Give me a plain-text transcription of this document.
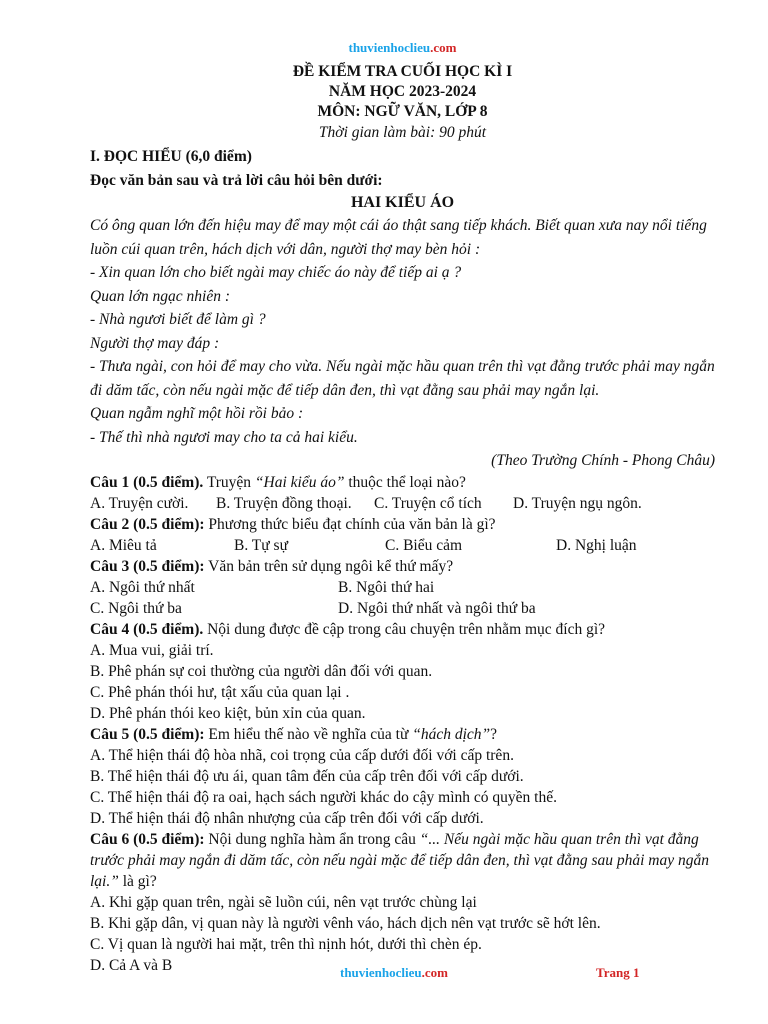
thuvienhoclieu.com
ĐỀ KIỂM TRA CUỐI HỌC KÌ I
NĂM HỌC 2023-2024
MÔN: NGỮ VĂN, LỚP 8
Thời gian làm bài: 90 phút
I. ĐỌC HIỂU (6,0 điểm)
Đọc văn bản sau và trả lời câu hỏi bên dưới:
HAI KIỂU ÁO
Có ông quan lớn đến hiệu may để may một cái áo thật sang tiếp khách. Biết quan xưa nay nổi tiếng luồn cúi quan trên, hách dịch với dân, người thợ may bèn hỏi :
- Xin quan lớn cho biết ngài may chiếc áo này để tiếp ai ạ ?
Quan lớn ngạc nhiên :
- Nhà ngươi biết để làm gì ?
Người thợ may đáp :
- Thưa ngài, con hỏi để may cho vừa. Nếu ngài mặc hầu quan trên thì vạt đằng trước phải may ngắn đi dăm tấc, còn nếu ngài mặc để tiếp dân đen, thì vạt đằng sau phải may ngắn lại.
Quan ngẫm nghĩ một hồi rồi bảo :
- Thế thì nhà ngươi may cho ta cả hai kiểu.
(Theo Trường Chính - Phong Châu)
Câu 1 (0.5 điểm). Truyện “Hai kiểu áo” thuộc thể loại nào?
A. Truyện cười.	B. Truyện đồng thoại.	C. Truyện cổ tích	D. Truyện ngụ ngôn.
Câu 2 (0.5 điểm): Phương thức biểu đạt chính của văn bản là gì?
A. Miêu tả	B. Tự sự	C. Biểu cảm	D. Nghị luận
Câu 3 (0.5 điểm): Văn bản trên sử dụng ngôi kể thứ mấy?
A. Ngôi thứ nhất	B. Ngôi thứ hai
C. Ngôi thứ ba	D. Ngôi thứ nhất và ngôi thứ ba
Câu 4 (0.5 điểm). Nội dung được đề cập trong câu chuyện trên nhằm mục đích gì?
A. Mua vui, giải trí.
B. Phê phán sự coi thường của người dân đối với quan.
C. Phê phán thói hư, tật xấu của quan lại .
D. Phê phán thói keo kiệt, bủn xỉn của quan.
Câu 5 (0.5 điểm): Em hiểu thế nào về nghĩa của từ “hách dịch”?
A. Thể hiện thái độ hòa nhã, coi trọng của cấp dưới đối với cấp trên.
B. Thể hiện thái độ ưu ái, quan tâm đến của cấp trên đối với cấp dưới.
C. Thể hiện thái độ ra oai, hạch sách người khác do cậy mình có quyền thế.
D. Thể hiện thái độ nhân nhượng của cấp trên đối với cấp dưới.
Câu 6 (0.5 điểm): Nội dung nghĩa hàm ẩn trong câu “... Nếu ngài mặc hầu quan trên thì vạt đằng trước phải may ngắn đi dăm tấc, còn nếu ngài mặc để tiếp dân đen, thì vạt đằng sau phải may ngắn lại.” là gì?
A. Khi gặp quan trên, ngài sẽ luồn cúi, nên vạt trước chùng lại
B. Khi gặp dân, vị quan này là người vênh váo, hách dịch nên vạt trước sẽ hớt lên.
C. Vị quan là người hai mặt, trên thì nịnh hót, dưới thì chèn ép.
D. Cả A và B	thuvienhoclieu.com	Trang 1
